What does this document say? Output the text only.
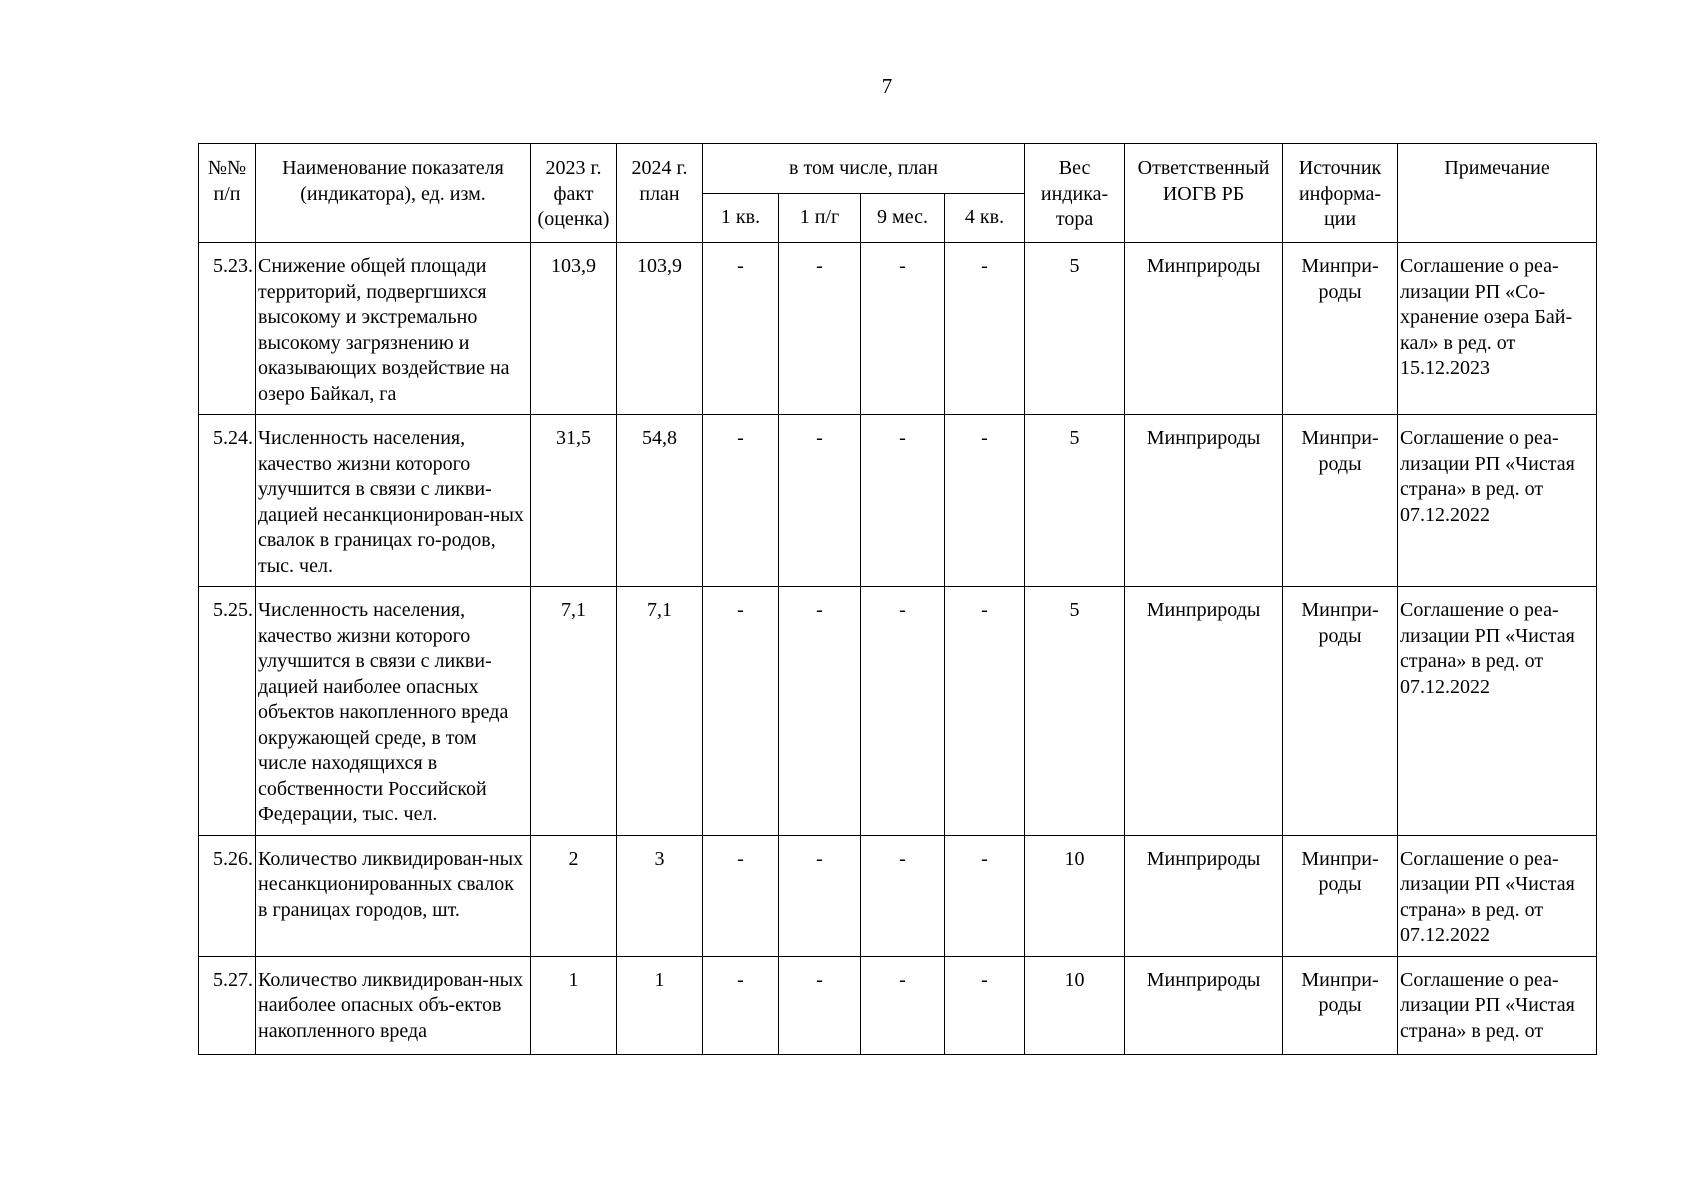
7
№№ п/п	Наименование показателя (индикатора), ед. изм.	2023 г. факт (оценка)	2024 г. план	в том числе, план				Вес индика-тора	Ответственный ИОГВ РБ	Источник информа-ции	Примечание
				1 кв.	1 п/г	9 мес.	4 кв.				
5.23.	Снижение общей площади территорий, подвергшихся высокому и экстремально высокому загрязнению и оказывающих воздействие на озеро Байкал, га	103,9	103,9	-	-	-	-	5	Минприроды	Минпри-роды	Соглашение о реа-лизации РП «Со-хранение озера Бай-кал» в ред. от 15.12.2023
5.24.	Численность населения, качество жизни которого улучшится в связи с ликви-дацией несанкционирован-ных свалок в границах го-родов, тыс. чел.	31,5	54,8	-	-	-	-	5	Минприроды	Минпри-роды	Соглашение о реа-лизации РП «Чистая страна» в ред. от 07.12.2022
5.25.	Численность населения, качество жизни которого улучшится в связи с ликви-дацией наиболее опасных объектов накопленного вреда окружающей среде, в том числе находящихся в собственности Российской Федерации, тыс. чел.	7,1	7,1	-	-	-	-	5	Минприроды	Минпри-роды	Соглашение о реа-лизации РП «Чистая страна» в ред. от 07.12.2022
5.26.	Количество ликвидирован-ных несанкционированных свалок в границах городов, шт.	2	3	-	-	-	-	10	Минприроды	Минпри-роды	Соглашение о реа-лизации РП «Чистая страна» в ред. от 07.12.2022
5.27.	Количество ликвидирован-ных наиболее опасных объ-ектов накопленного вреда	1	1	-	-	-	-	10	Минприроды	Минпри-роды	Соглашение о реа-лизации РП «Чистая страна» в ред. от
